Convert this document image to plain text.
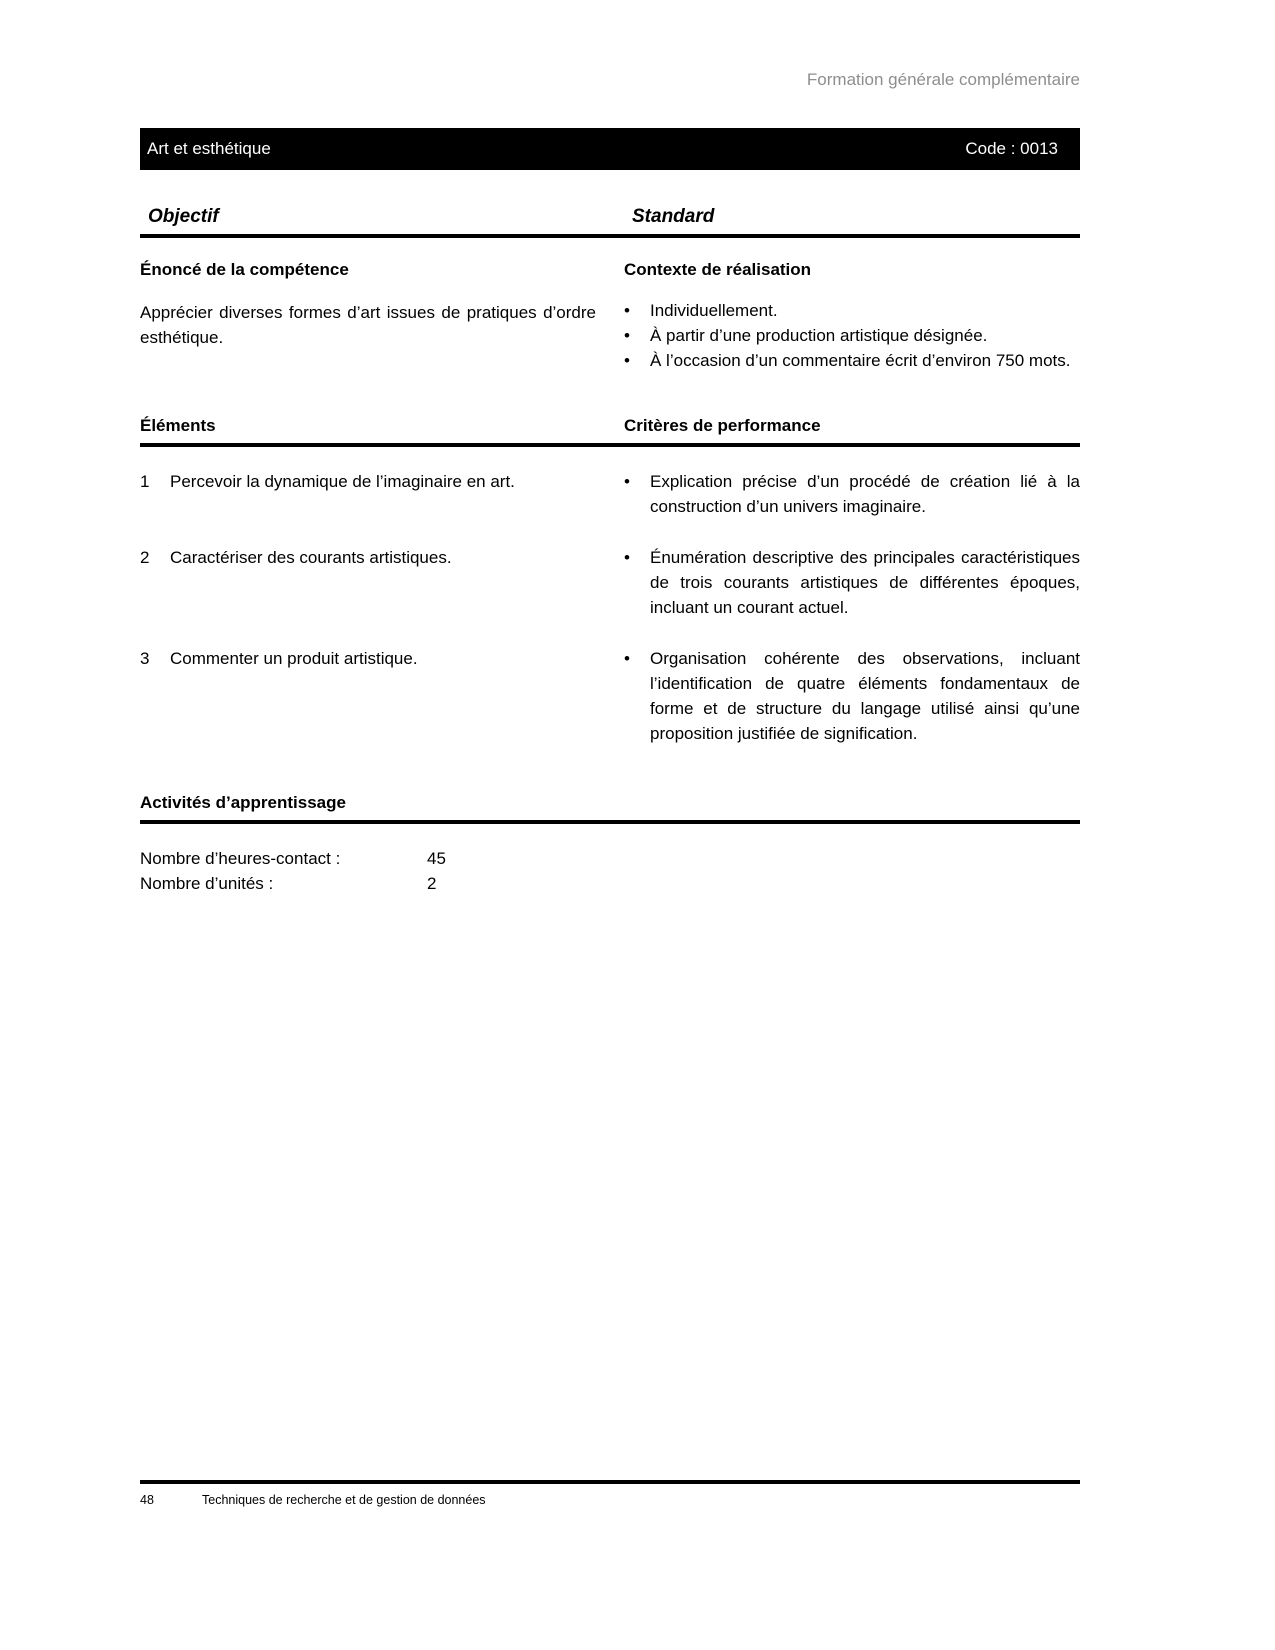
Formation générale complémentaire
Art et esthétique	Code : 0013
Objectif	Standard
Énoncé de la compétence

Apprécier diverses formes d’art issues de pratiques d’ordre esthétique.

Contexte de réalisation
•	Individuellement.
•	À partir d’une production artistique désignée.
•	À l’occasion d’un commentaire écrit d’environ 750 mots.
Éléments	Critères de performance
1	Percevoir la dynamique de l’imaginaire en art.	•	Explication précise d’un procédé de création lié à la construction d’un univers imaginaire.
2	Caractériser des courants artistiques.	•	Énumération descriptive des principales caractéristiques de trois courants artistiques de différentes époques, incluant un courant actuel.
3	Commenter un produit artistique.	•	Organisation cohérente des observations, incluant l’identification de quatre éléments fondamentaux de forme et de structure du langage utilisé ainsi qu’une proposition justifiée de signification.
Activités d’apprentissage
Nombre d’heures-contact :	45
Nombre d’unités :	2
48	Techniques de recherche et de gestion de données
